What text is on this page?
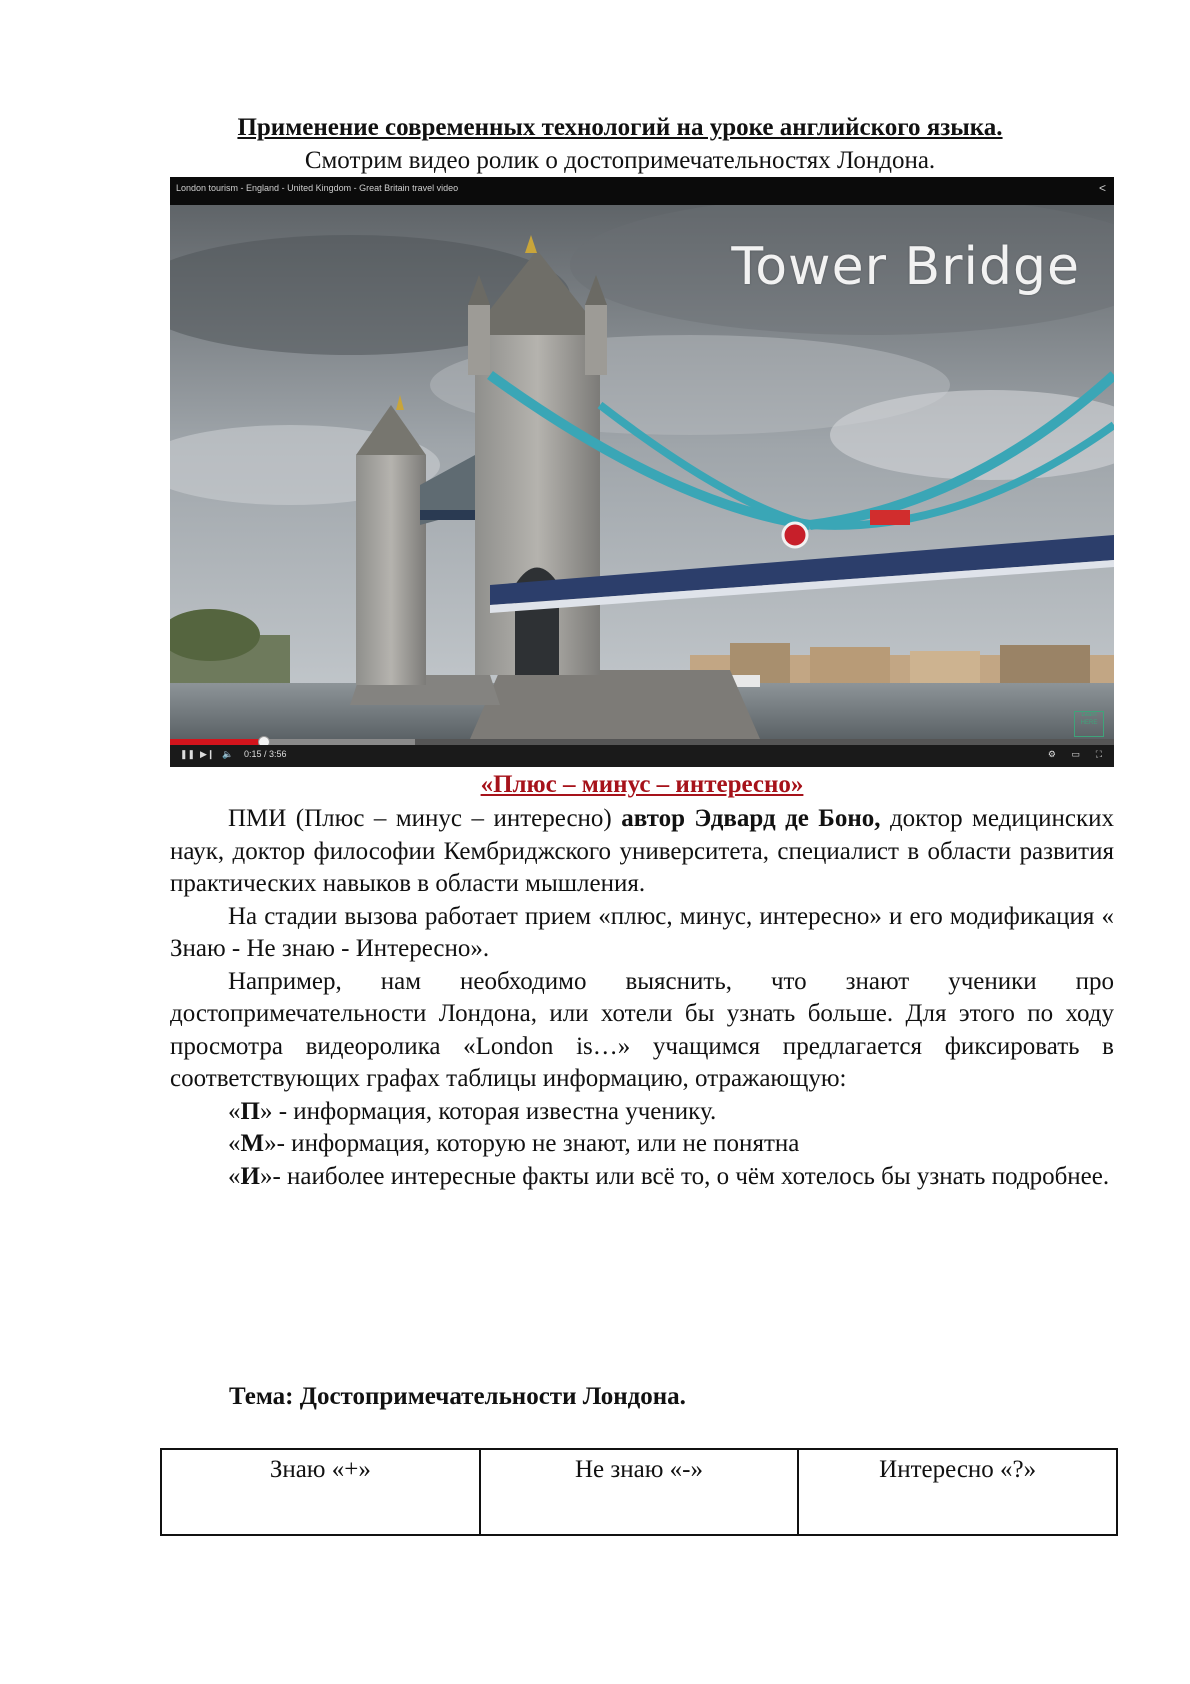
Применение современных технологий на уроке английского языка.
Смотрим видео ролик о достопримечательностях Лондона.
London tourism - England - United Kingdom - Great Britain travel video	<
Tower Bridge
Learn HERE
❚❚ ▶❙ 🔈 0:15 / 3:56	⚙ ▭ ⛶
«Плюс – минус – интересно»

ПМИ (Плюс – минус – интересно) автор Эдвард де Боно, доктор медицинских наук, доктор философии Кембриджского университета, специалист в области развития практических навыков в области мышления.

На стадии вызова работает прием «плюс, минус, интересно» и его модификация « Знаю - Не знаю - Интересно».

Например, нам необходимо выяснить, что знают ученики про достопримечательности Лондона, или хотели бы узнать больше. Для этого по ходу просмотра видеоролика «London is…» учащимся предлагается фиксировать в соответствующих графах таблицы информацию, отражающую:

«П» - информация, которая известна ученику.

«М»- информация, которую не знают, или не понятна

«И»- наиболее интересные факты или всё то, о чём хотелось бы узнать подробнее.

Тема: Достопримечательности Лондона.
Знаю «+»	Не знаю «-»	Интересно «?»
